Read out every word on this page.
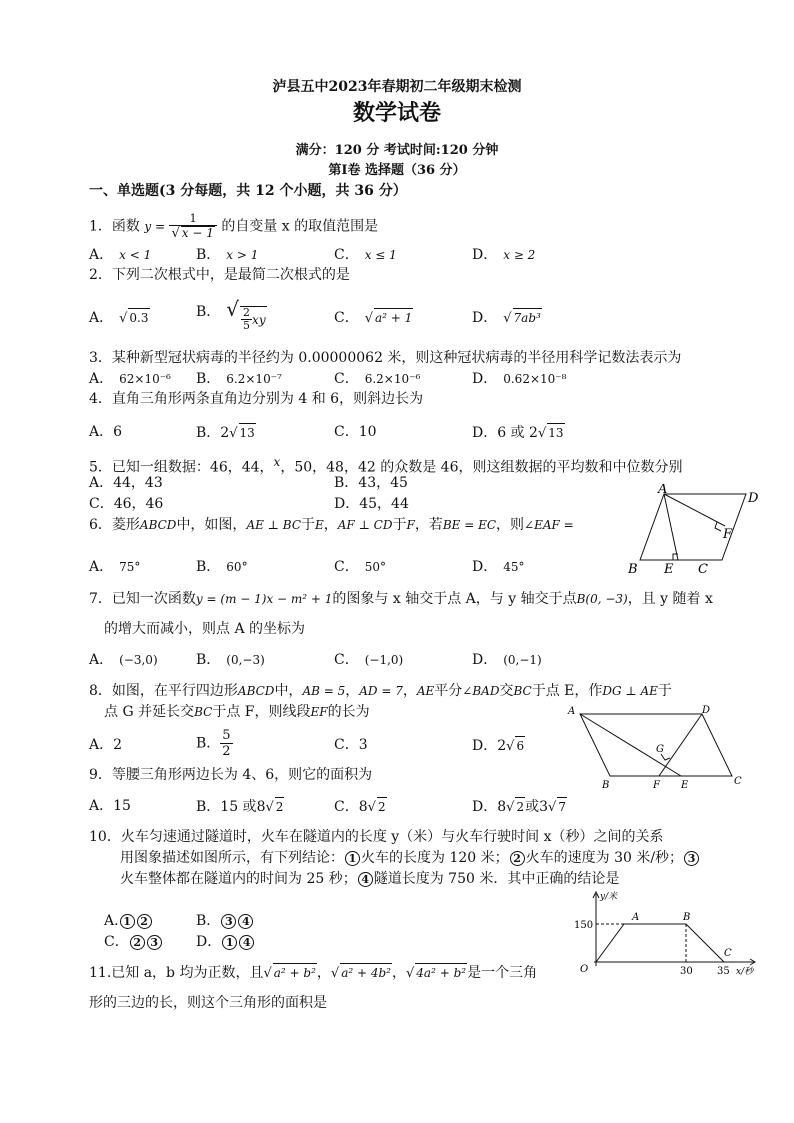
泸县五中2023年春期初二年级期末检测
数学试卷
满分：120 分 考试时间:120 分钟
第Ⅰ卷 选择题（36 分）
一、单选题(3 分每题，共 12 个小题，共 36 分）
1．函数 $y = \frac{1}{√ x - 1}$ 的自变量 x 的取值范围是
A． x < 1	B． x > 1	C． x ≤ 1	D． x ≥ 2
2．下列二次根式中，是最简二次根式的是
A． √ 0.3	B． √ $\frac{2}{5}$ xy	C． √ a² + 1	D． √ 7ab³
3．某种新型冠状病毒的半径约为 0.00000062 米，则这种冠状病毒的半径用科学记数法表示为
A． 62×10⁻⁶ B． 6.2×10⁻⁷	C． 6.2×10⁻⁶	D． 0.62×10⁻⁸
4．直角三角形两条直角边分别为 4 和 6，则斜边长为
A．6	B．2√ 13	C．10	D．6 或 2√ 13
5．已知一组数据：46，44，$^x$，50，48，42 的众数是 46，则这组数据的平均数和中位数分别
A．44，43	B．43，45
C．46，46	D．45，44
6．菱形ABCD中，如图，AE ⊥ BC于E，AF ⊥ CD于F，若BE = EC，则∠EAF =
A． 75°	B． 60°	C． 50°	D． 45°
A
D
F
B E C
7．已知一次函数y = (m − 1)x − m² + 1的图象与 x 轴交于点 A，与 y 轴交于点B(0, −3)，且 y 随着 x
的增大而减小，则点 A 的坐标为
A． (−3,0)	B． (0,−3)	C． (−1,0)	D． (0,−1)
8．如图，在平行四边形ABCD中，AB = 5，AD = 7，AE平分∠BAD交BC于点 E，作DG ⊥ AE于
点 G 并延长交BC于点 F，则线段EF的长为
A．2	B． $\frac{5}{2}$	C．3	D．2√ 6
A	D
G
B	F E	C
9．等腰三角形两边长为 4、6，则它的面积为
A．15	B．15 或8√ 2	C．8√ 2	D．8√ 2或3√ 7
10．火车匀速通过隧道时，火车在隧道内的长度 y（米）与火车行驶时间 x（秒）之间的关系
用图象描述如图所示，有下列结论： 1 火车的长度为 120 米； 2 火车的速度为 30 米/秒； 3
火车整体都在隧道内的时间为 25 秒； 4 隧道长度为 750 米．其中正确的结论是
A. 1 2	B． 3 4
C． 2 3	D． 1 4
y/米
x/秒
150
30 35
O
A	B
C
11.已知 a，b 均为正数，且√ a² + b²，√ a² + 4b²，√ 4a² + b²是一个三角
形的三边的长，则这个三角形的面积是
